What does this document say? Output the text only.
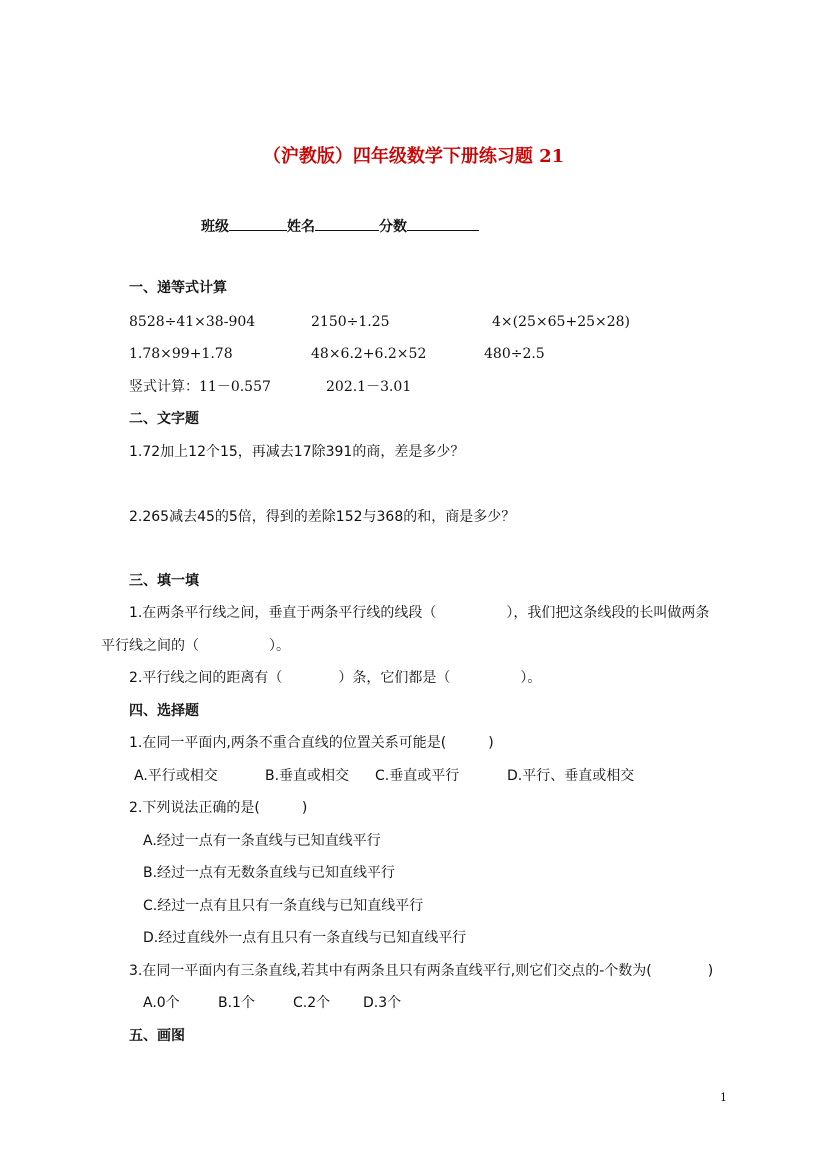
（沪教版）四年级数学下册练习题 21
班级	姓名	分数
一、递等式计算
8528÷41×38-904	2150÷1.25	4×(25×65+25×28)
1.78×99+1.78	48×6.2+6.2×52	480÷2.5
竖式计算：11－0.557	202.1－3.01
二、文字题
1.72加上12个15，再减去17除391的商，差是多少？
2.265减去45的5倍，得到的差除152与368的和，商是多少？
三、填一填
1.在两条平行线之间，垂直于两条平行线的线段（　　　　　），我们把这条线段的长叫做两条
平行线之间的（　　　　　）。
2.平行线之间的距离有（　　　　）条，它们都是（　　　　　）。
四、选择题
1.在同一平面内,两条不重合直线的位置关系可能是(　　　)
A.平行或相交	B.垂直或相交 C.垂直或平行	D.平行、垂直或相交
2.下列说法正确的是(　　　)
A.经过一点有一条直线与已知直线平行
B.经过一点有无数条直线与已知直线平行
C.经过一点有且只有一条直线与已知直线平行
D.经过直线外一点有且只有一条直线与已知直线平行
3.在同一平面内有三条直线,若其中有两条且只有两条直线平行,则它们交点的-个数为(　　　　)
A.0个	B.1个	C.2个 D.3个
五、画图
1
